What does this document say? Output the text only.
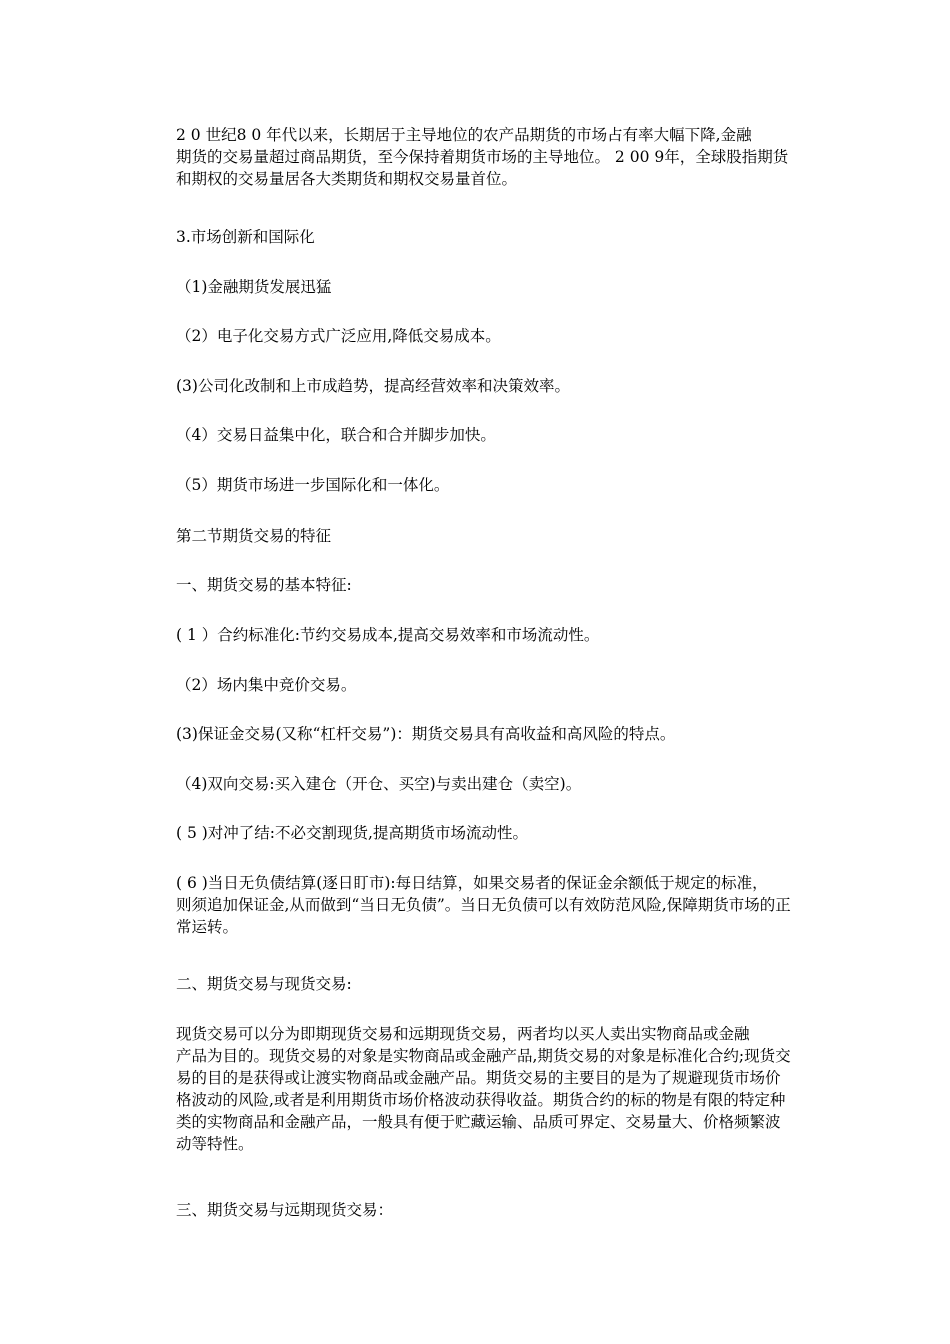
2 0 世纪8 0 年代以来，长期居于主导地位的农产品期货的市场占有率大幅下降,金融
期货的交易量超过商品期货，至今保持着期货市场的主导地位。 2 00 9年，全球股指期货
和期权的交易量居各大类期货和期权交易量首位。
3.市场创新和国际化
（1)金融期货发展迅猛
（2）电子化交易方式广泛应用,降低交易成本。
(3)公司化改制和上市成趋势，提高经营效率和决策效率。
（4）交易日益集中化，联合和合并脚步加快。
（5）期货市场进一步国际化和一体化。
第二节期货交易的特征
一、期货交易的基本特征:
( 1 ）合约标准化:节约交易成本,提高交易效率和市场流动性。
（2）场内集中竞价交易。
(3)保证金交易(又称“杠杆交易”)：期货交易具有高收益和高风险的特点。
（4)双向交易:买入建仓（开仓、买空)与卖出建仓（卖空)。
( 5 )对冲了结:不必交割现货,提高期货市场流动性。
( 6 )当日无负债结算(逐日盯市):每日结算，如果交易者的保证金余额低于规定的标准，
则须追加保证金,从而做到“当日无负债”。当日无负债可以有效防范风险,保障期货市场的正
常运转。
二、期货交易与现货交易:
现货交易可以分为即期现货交易和远期现货交易，两者均以买人卖出实物商品或金融
产品为目的。现货交易的对象是实物商品或金融产品,期货交易的对象是标准化合约;现货交
易的目的是获得或让渡实物商品或金融产品。期货交易的主要目的是为了规避现货市场价
格波动的风险,或者是利用期货市场价格波动获得收益。期货合约的标的物是有限的特定种
类的实物商品和金融产品，一般具有便于贮藏运输、品质可界定、交易量大、价格频繁波
动等特性。
三、期货交易与远期现货交易：
